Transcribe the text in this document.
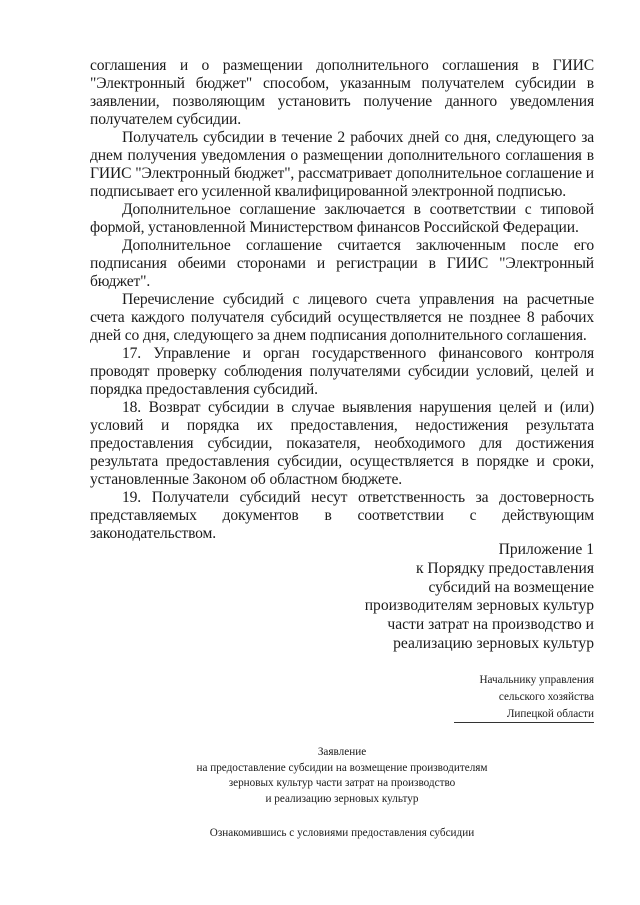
соглашения и о размещении дополнительного соглашения в ГИИС "Электронный бюджет" способом, указанным получателем субсидии в заявлении, позволяющим установить получение данного уведомления получателем субсидии.

Получатель субсидии в течение 2 рабочих дней со дня, следующего за днем получения уведомления о размещении дополнительного соглашения в ГИИС "Электронный бюджет", рассматривает дополнительное соглашение и подписывает его усиленной квалифицированной электронной подписью.

Дополнительное соглашение заключается в соответствии с типовой формой, установленной Министерством финансов Российской Федерации.

Дополнительное соглашение считается заключенным после его подписания обеими сторонами и регистрации в ГИИС "Электронный бюджет".

Перечисление субсидий с лицевого счета управления на расчетные счета каждого получателя субсидий осуществляется не позднее 8 рабочих дней со дня, следующего за днем подписания дополнительного соглашения.

17. Управление и орган государственного финансового контроля проводят проверку соблюдения получателями субсидии условий, целей и порядка предоставления субсидий.

18. Возврат субсидии в случае выявления нарушения целей и (или) условий и порядка их предоставления, недостижения результата предоставления субсидии, показателя, необходимого для достижения результата предоставления субсидии, осуществляется в порядке и сроки, установленные Законом об областном бюджете.

19. Получатели субсидий несут ответственность за достоверность представляемых документов в соответствии с действующим законодательством.

Приложение 1
к Порядку предоставления
субсидий на возмещение
производителям зерновых культур
части затрат на производство и
реализацию зерновых культур
Начальнику управления
сельского хозяйства
Липецкой области
Заявление
на предоставление субсидии на возмещение производителям
зерновых культур части затрат на производство
и реализацию зерновых культур
Ознакомившись с условиями предоставления субсидии
